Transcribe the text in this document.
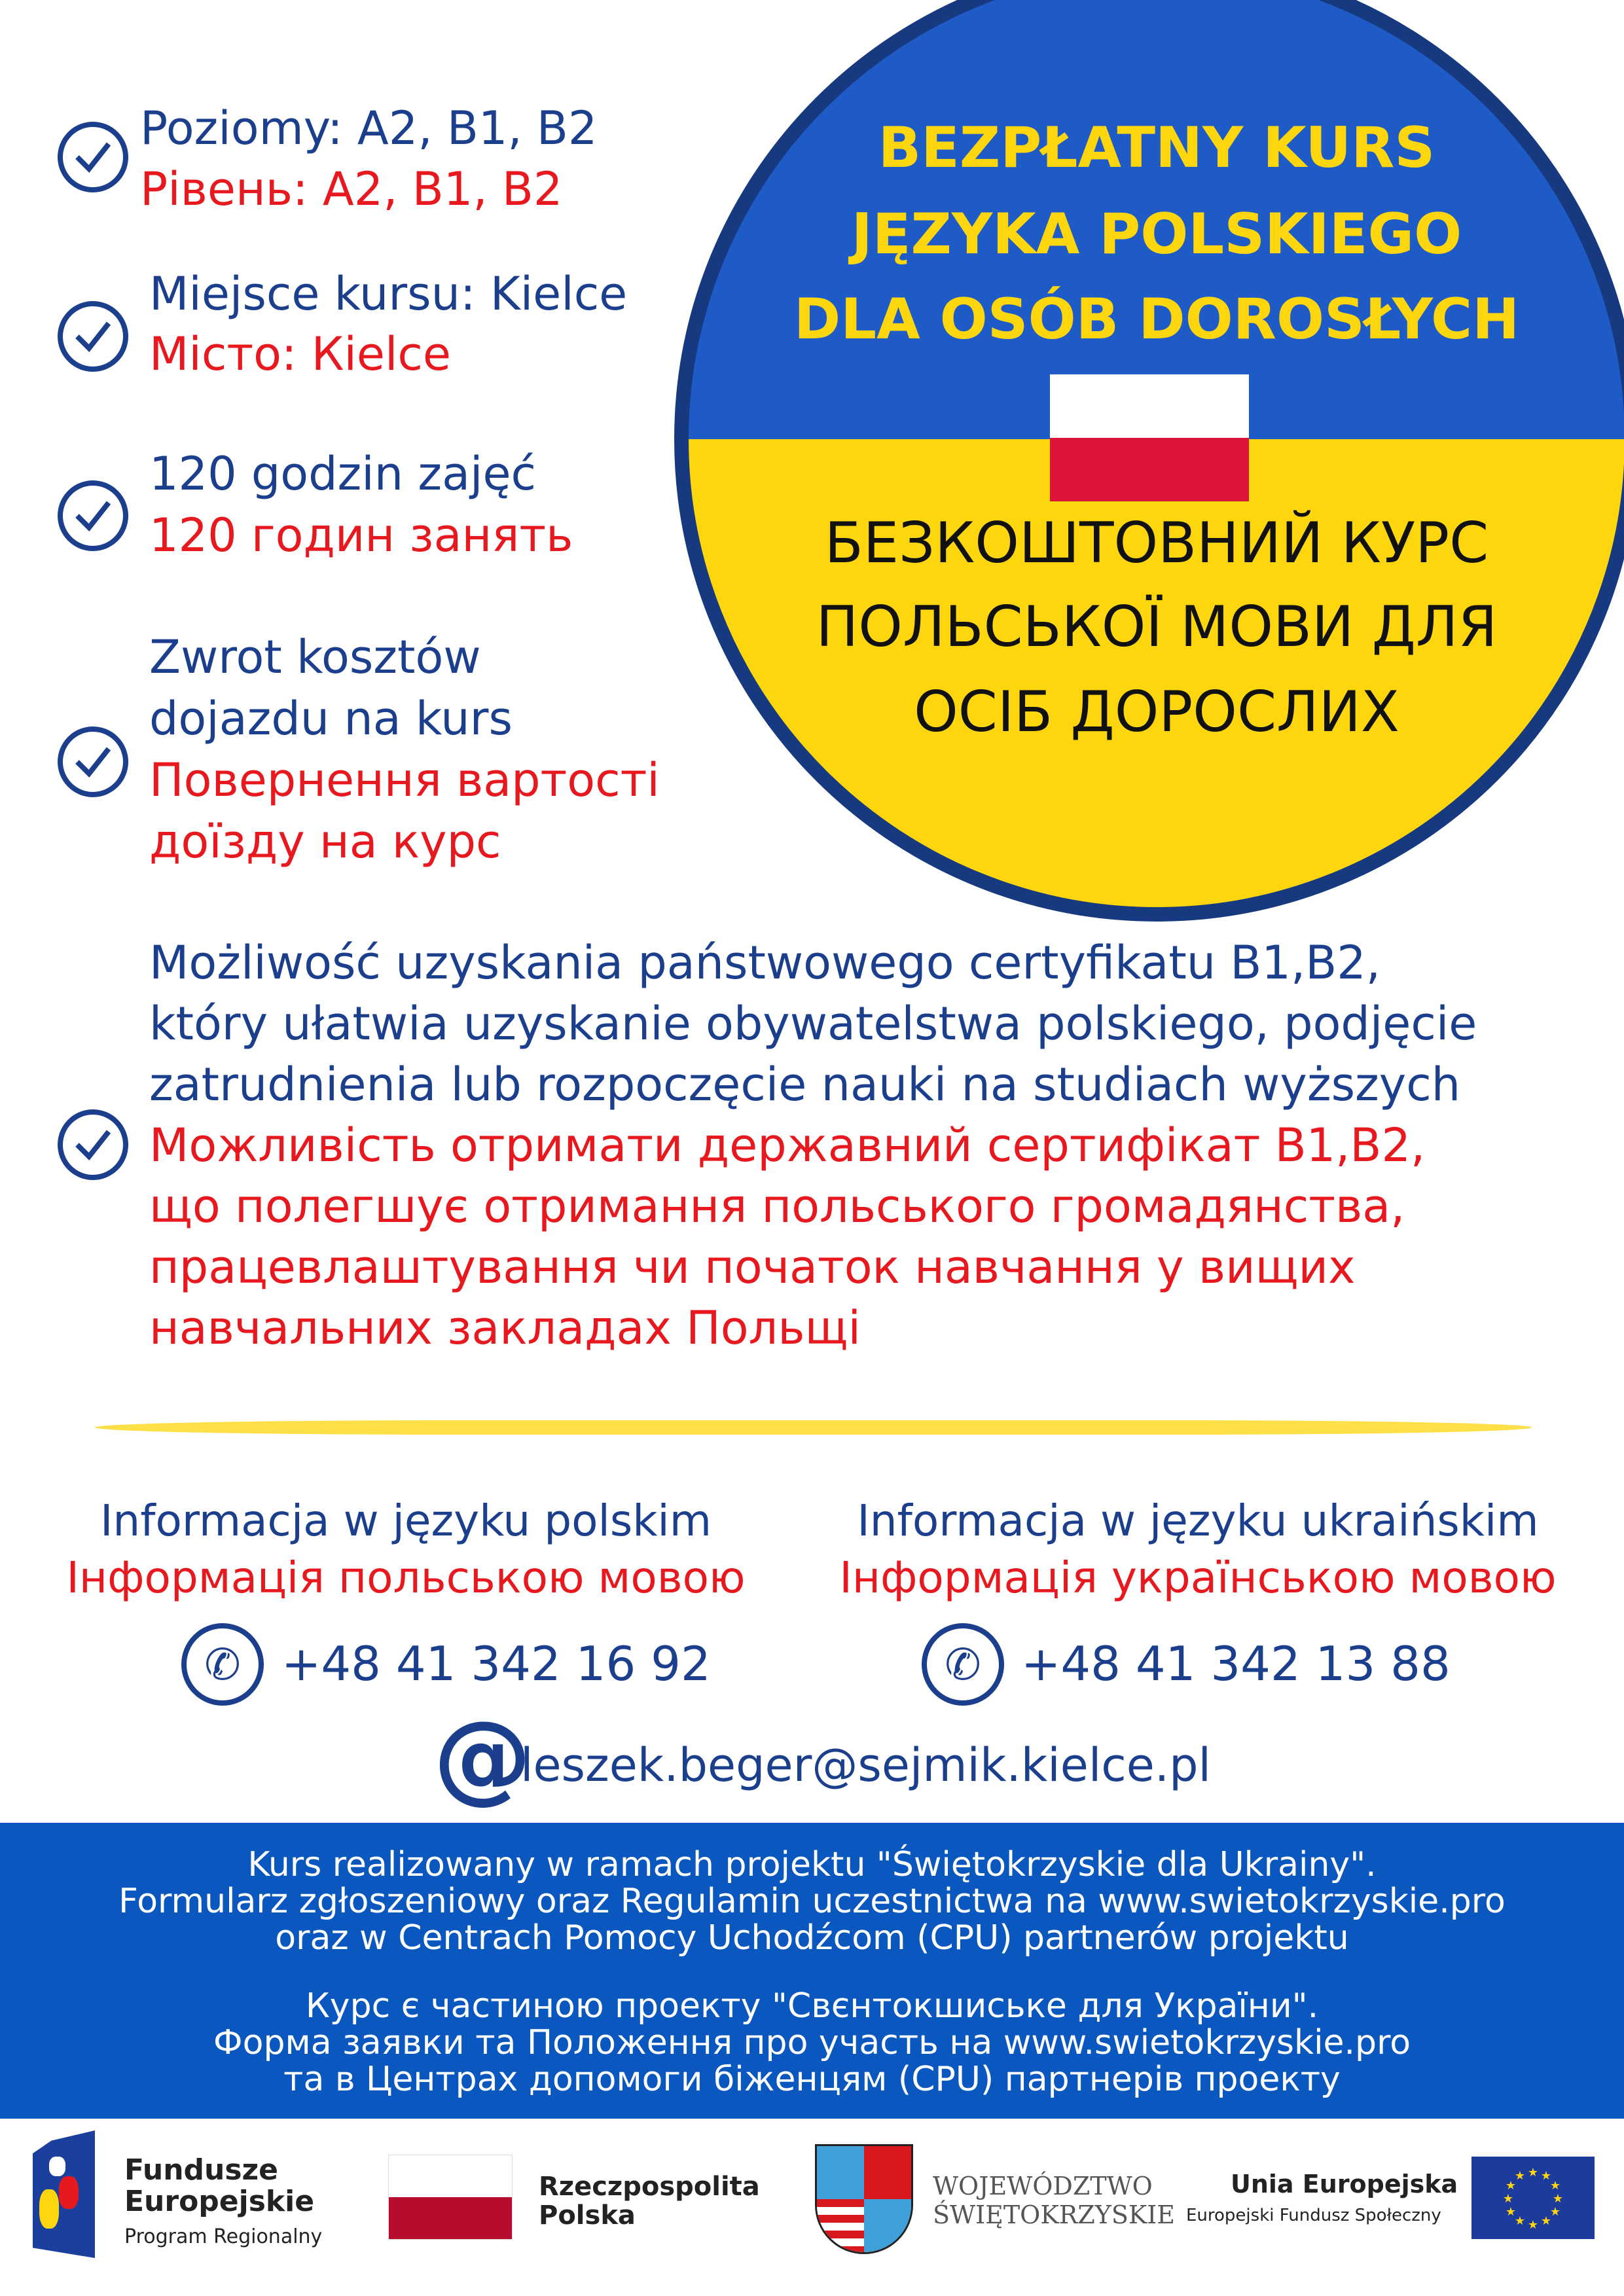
BEZPŁATNY KURS
JĘZYKA POLSKIEGO
DLA OSÓB DOROSŁYCH
БЕЗКОШТОВНИЙ КУРС
ПОЛЬСЬКОЇ МОВИ ДЛЯ
ОСІБ ДОРОСЛИХ
Poziomy: A2, B1, B2
Рівень: A2, B1, B2
Miejsce kursu: Kielce
Місто: Кielce
120 godzin zajęć
120 годин занять
Zwrot kosztów
dojazdu na kurs
Повернення вартості
доїзду на курс
Możliwość uzyskania państwowego certyfikatu B1,B2,
który ułatwia uzyskanie obywatelstwa polskiego, podjęcie
zatrudnienia lub rozpoczęcie nauki na studiach wyższych
Можливість отримати державний сертифікат B1,B2,
що полегшує отримання польського громадянства,
працевлаштування чи початок навчання у вищих
навчальних закладах Польщі
Informacja w języku polskim
Інформація польською мовою
Informacja w języku ukraińskim
Інформація українською мовою
✆ +48 41 342 16 92	✆ +48 41 342 13 88
@
leszek.beger@sejmik.kielce.pl

Kurs realizowany w ramach projektu "Świętokrzyskie dla Ukrainy".

Formularz zgłoszeniowy oraz Regulamin uczestnictwa na www.swietokrzyskie.pro

oraz w Centrach Pomocy Uchodźcom (CPU) partnerów projektu

Курс є частиною проекту "Свєнтокшиське для України".

Форма заявки та Положення про участь на www.swietokrzyskie.pro

та в Центрах допомоги біженцям (CPU) партнерів проекту

Fundusze
Europejskie
Program Regionalny
Rzeczpospolita
Polska
WOJEWÓDZTWO
ŚWIĘTOKRZYSKIE
Unia Europejska
Europejski Fundusz Społeczny
★ ★
★
★
★
★
★
★
★
★
★
★
